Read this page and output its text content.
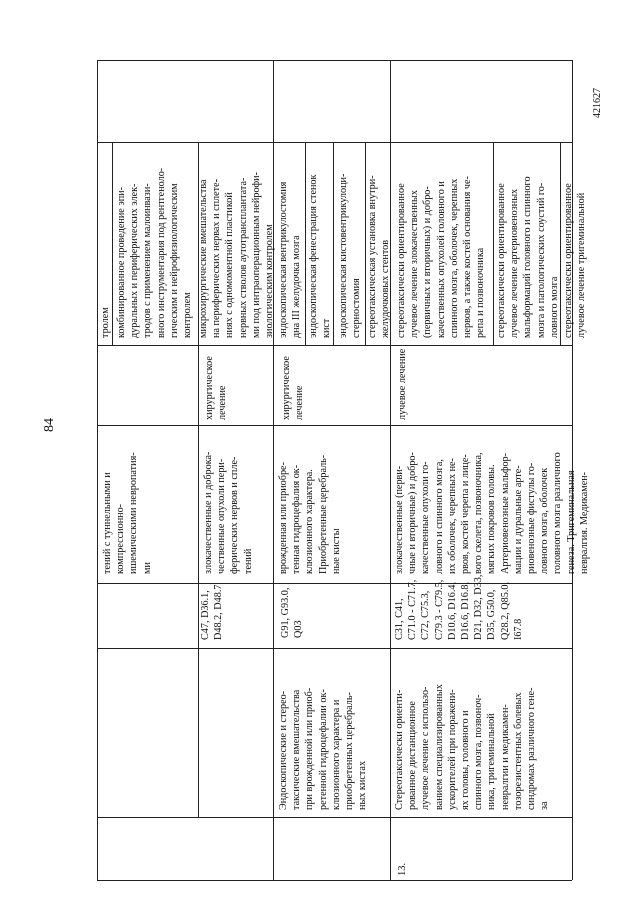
84
421627
тений с туннельными и компрессионно- ишемическими невропатия- ми
тролем комбинированное проведение эпи- дуральных и периферических элек- тродов с применением малоинвази- вного инструментария под рентгеноло- гическим и нейрофизиологическим контролем
C47, D36.1, D48.2, D48.7
злокачественные и доброка- чественные опухоли пери- ферических нервов и спле- тений
хирургическое лечение
микрохирургические вмешательства на периферических нервах и сплете- ниях с одномоментной пластикой нервных стволов аутотрансплантата- ми под интраоперационным нейрофи- зиологическим контролем
Эндоскопические и стерео- таксические вмешательства при врожденной или приоб- ретенной гидроцефалии ок- клюзионного характера и приобретенных церебраль- ных кистах
G91, G93.0, Q03
врожденная или приобре- тенная гидроцефалия ок- клюзионного характера. Приобретенные церебраль- ные кисты
хирургическое лечение
эндоскопическая вентрикулостомия дна III желудочка мозга эндоскопическая фенестрация стенок кист эндоскопическая кистовентрикулоци- стерностомия стереотаксическая установка внутри- желудочковых стентов
13.
Стереотаксически ориенти- рованное дистанционное лучевое лечение с использо- ванием специализированных ускорителей при поражени- ях головы, головного и спинного мозга, позвоноч- ника, тригеминальной невралгии и медикамен- тозорезистентных болевых синдромах различного гене- за
C31, C41, C71.0 - C71.7, C72, C75.3, C79.3 - C79.5, D10.6, D16.4, D16.6, D16.8, D21, D32, D33, D35, G50.0, Q28.2, Q85.0, I67.8
злокачественные (перви- чные и вторичные) и добро- качественные опухоли го- ловного и спинного мозга, их оболочек, черепных не- рвов, костей черепа и лице- вого скелета, позвоночника, мягких покровов головы. Артериовенозные мальфор- мации и дуральные арте- риовенозные фистулы го- ловного мозга, оболочек головного мозга различного генеза. Тригеминальная невралгия. Медикамен-
лучевое лечение
стереотаксически ориентированное лучевое лечение злокачественных (первичных и вторичных) и добро- качественных опухолей головного и спинного мозга, оболочек, черепных нервов, а также костей основания че- репа и позвоночника стереотаксически ориентированное лучевое лечение артериовенозных мальформаций головного и спинного мозга и патологических соустий го- ловного мозга стереотаксически ориентированное лучевое лечение тригеминальной
